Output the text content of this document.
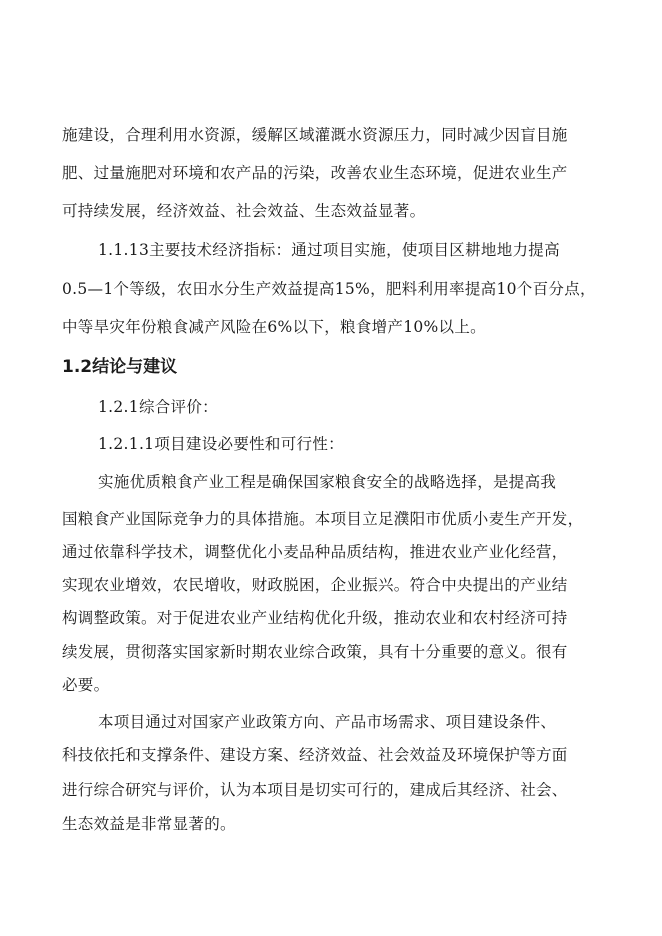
施建设，合理利用水资源，缓解区域灌溉水资源压力，同时减少因盲目施
肥、过量施肥对环境和农产品的污染，改善农业生态环境，促进农业生产
可持续发展，经济效益、社会效益、生态效益显著。
1.1.13主要技术经济指标：通过项目实施，使项目区耕地地力提高
0.5—1个等级，农田水分生产效益提高15%，肥料利用率提高10个百分点，
中等旱灾年份粮食减产风险在6%以下，粮食增产10%以上。
1.2结论与建议
1.2.1综合评价：
1.2.1.1项目建设必要性和可行性：
实施优质粮食产业工程是确保国家粮食安全的战略选择，是提高我
国粮食产业国际竞争力的具体措施。本项目立足濮阳市优质小麦生产开发，
通过依靠科学技术，调整优化小麦品种品质结构，推进农业产业化经营，
实现农业增效，农民增收，财政脱困，企业振兴。符合中央提出的产业结
构调整政策。对于促进农业产业结构优化升级，推动农业和农村经济可持
续发展，贯彻落实国家新时期农业综合政策，具有十分重要的意义。很有
必要。
本项目通过对国家产业政策方向、产品市场需求、项目建设条件、
科技依托和支撑条件、建设方案、经济效益、社会效益及环境保护等方面
进行综合研究与评价，认为本项目是切实可行的，建成后其经济、社会、
生态效益是非常显著的。
